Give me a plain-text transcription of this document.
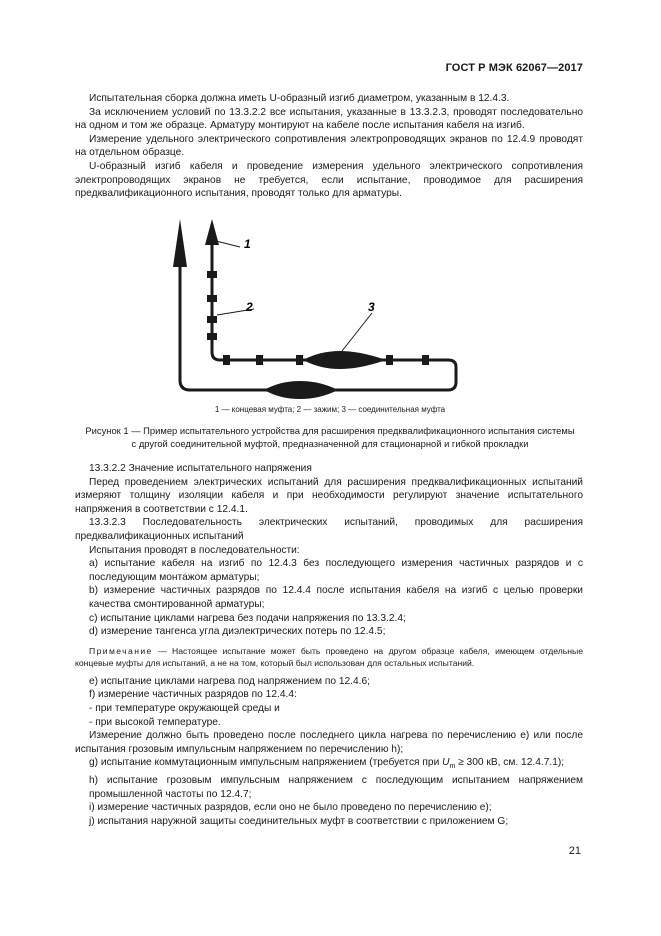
ГОСТ Р МЭК 62067—2017

Испытательная сборка должна иметь U-образный изгиб диаметром, указанным в 12.4.3.

За исключением условий по 13.3.2.2 все испытания, указанные в 13.3.2.3, проводят последовательно на одном и том же образце. Арматуру монтируют на кабеле после испытания кабеля на изгиб.

Измерение удельного электрического сопротивления электропроводящих экранов по 12.4.9 проводят на отдельном образце.

U-образный изгиб кабеля и проведение измерения удельного электрического сопротивления электропроводящих экранов не требуется, если испытание, проводимое для расширения предквалификационного испытания, проводят только для арматуры.

1
2	3
1 — концевая муфта; 2 — зажим; 3 — соединительная муфта
Рисунок 1 — Пример испытательного устройства для расширения предквалификационного испытания системы
с другой соединительной муфтой, предназначенной для стационарной и гибкой прокладки

13.3.2.2 Значение испытательного напряжения

Перед проведением электрических испытаний для расширения предквалификационных испытаний измеряют толщину изоляции кабеля и при необходимости регулируют значение испытательного напряжения в соответствии с 12.4.1.

13.3.2.3 Последовательность электрических испытаний, проводимых для расширения предквалификационных испытаний

Испытания проводят в последовательности:

a) испытание кабеля на изгиб по 12.4.3 без последующего измерения частичных разрядов и с последующим монтажом арматуры;

b) измерение частичных разрядов по 12.4.4 после испытания кабеля на изгиб с целью проверки качества смонтированной арматуры;

c) испытание циклами нагрева без подачи напряжения по 13.3.2.4;

d) измерение тангенса угла диэлектрических потерь по 12.4.5;

Примечание — Настоящее испытание может быть проведено на другом образце кабеля, имеющем отдельные концевые муфты для испытаний, а не на том, который был использован для остальных испытаний.

e) испытание циклами нагрева под напряжением по 12.4.6;

f) измерение частичных разрядов по 12.4.4:

- при температуре окружающей среды и

- при высокой температуре.

Измерение должно быть проведено после последнего цикла нагрева по перечислению e) или после испытания грозовым импульсным напряжением по перечислению h);

g) испытание коммутационным импульсным напряжением (требуется при $U_m \ge 300$ кВ, см. 12.4.7.1);

h) испытание грозовым импульсным напряжением с последующим испытанием напряжением промышленной частоты по 12.4.7;

i) измерение частичных разрядов, если оно не было проведено по перечислению e);

j) испытания наружной защиты соединительных муфт в соответствии с приложением G;

21
